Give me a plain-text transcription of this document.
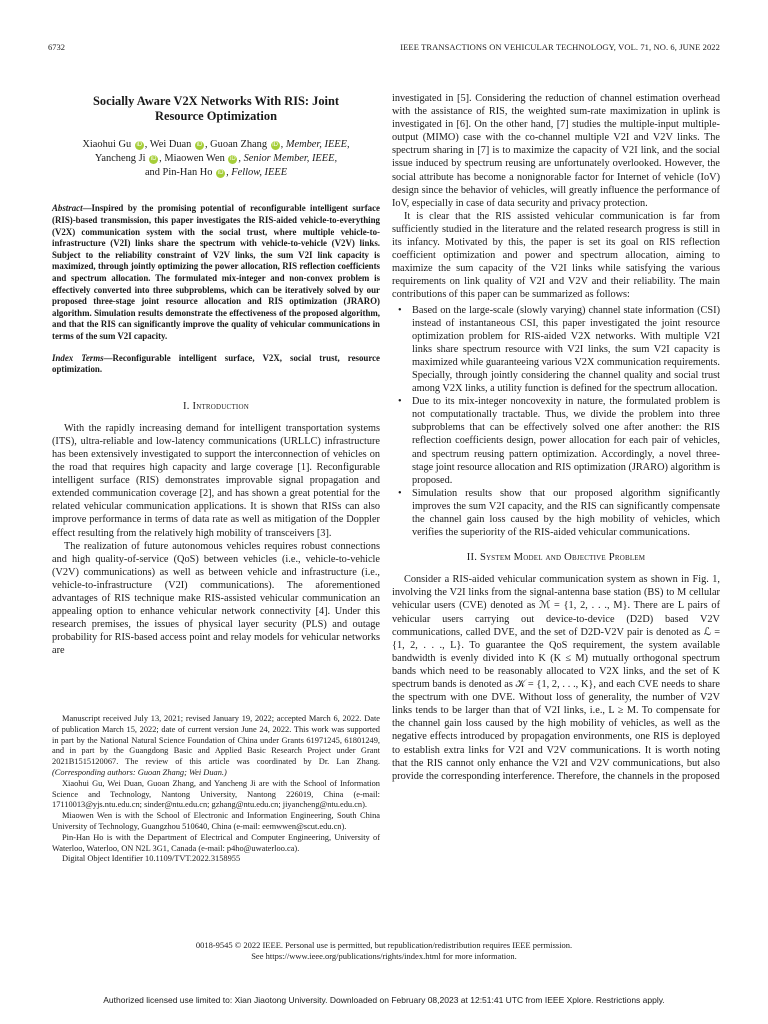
6732	IEEE TRANSACTIONS ON VEHICULAR TECHNOLOGY, VOL. 71, NO. 6, JUNE 2022
Socially Aware V2X Networks With RIS: Joint
Resource Optimization
Xiaohui Gu iD , Wei Duan iD , Guoan Zhang iD , Member, IEEE,
Yancheng Ji iD , Miaowen Wen iD , Senior Member, IEEE,
and Pin-Han Ho iD , Fellow, IEEE
Abstract—Inspired by the promising potential of reconfigurable intelligent surface (RIS)-based transmission, this paper investigates the RIS-aided vehicle-to-everything (V2X) communication system with the social trust, where multiple vehicle-to-infrastructure (V2I) links share the spectrum with vehicle-to-vehicle (V2V) links. Subject to the reliability constraint of V2V links, the sum V2I link capacity is maximized, through jointly optimizing the power allocation, RIS reflection coefficients and spectrum allocation. The formulated mix-integer and non-convex problem is effectively converted into three subproblems, which can be iteratively solved by our proposed three-stage joint resource allocation and RIS optimization (JRARO) algorithm. Simulation results demonstrate the effectiveness of the proposed algorithm, and that the RIS can significantly improve the quality of vehicular communications in terms of the sum V2I capacity.
Index Terms—Reconfigurable intelligent surface, V2X, social trust, resource optimization.
I. Introduction

With the rapidly increasing demand for intelligent transportation systems (ITS), ultra-reliable and low-latency communications (URLLC) infrastructure has been extensively investigated to support the interconnection of vehicles on the road that requires high capacity and large coverage [1]. Reconfigurable intelligent surface (RIS) demonstrates improvable signal propagation and extended communication coverage [2], and has shown a great potential for the related vehicular communication applications. It is shown that RISs can also improve performance in terms of data rate as well as mitigation of the Doppler effect resulting from the relatively high mobility of transceivers [3].

The realization of future autonomous vehicles requires robust connections and high quality-of-service (QoS) between vehicles (i.e., vehicle-to-vehicle (V2V) communications) as well as between vehicle and infrastructure (i.e., vehicle-to-infrastructure (V2I) communications). The aforementioned advantages of RIS technique make RIS-assisted vehicular communication an appealing option to enhance vehicular network connectivity [4]. Under this research premises, the issues of physical layer security (PLS) and outage probability for RIS-based access point and relay models for vehicular networks are

Manuscript received July 13, 2021; revised January 19, 2022; accepted March 6, 2022. Date of publication March 15, 2022; date of current version June 24, 2022. This work was supported in part by the National Natural Science Foundation of China under Grants 61971245, 61801249, and in part by the Guangdong Basic and Applied Basic Research Project under Grant 2021B1515120067. The review of this article was coordinated by Dr. Lan Zhang. (Corresponding authors: Guoan Zhang; Wei Duan.)

Xiaohui Gu, Wei Duan, Guoan Zhang, and Yancheng Ji are with the School of Information Science and Technology, Nantong University, Nantong 226019, China (e-mail: 17110013@yjs.ntu.edu.cn; sinder@ntu.edu.cn; gzhang@ntu.edu.cn; jiyancheng@ntu.edu.cn).

Miaowen Wen is with the School of Electronic and Information Engineering, South China University of Technology, Guangzhou 510640, China (e-mail: eemwwen@scut.edu.cn).

Pin-Han Ho is with the Department of Electrical and Computer Engineering, University of Waterloo, Waterloo, ON N2L 3G1, Canada (e-mail: p4ho@uwaterloo.ca).

Digital Object Identifier 10.1109/TVT.2022.3158955

investigated in [5]. Considering the reduction of channel estimation overhead with the assistance of RIS, the weighted sum-rate maximization in uplink is investigated in [6]. On the other hand, [7] studies the multiple-input multiple-output (MIMO) case with the co-channel multiple V2I and V2V links. The spectrum sharing in [7] is to maximize the capacity of V2I link, and the social issue induced by spectrum reusing are unfortunately overlooked. However, the social attribute has become a nonignorable factor for Internet of vehicle (IoV) design since the behavior of vehicles, will greatly influence the performance of IoV, especially in case of data security and privacy protection.

It is clear that the RIS assisted vehicular communication is far from sufficiently studied in the literature and the related research progress is still in its infancy. Motivated by this, the paper is set its goal on RIS reflection coefficient optimization and power and spectrum allocation, aiming to maximize the sum capacity of the V2I links while satisfying the various requirements on link quality of V2I and V2V and their reliability. The main contributions of this paper can be summarized as follows:

• Based on the large-scale (slowly varying) channel state information (CSI) instead of instantaneous CSI, this paper investigated the joint resource optimization problem for RIS-aided V2X networks. With multiple V2I links share spectrum resource with V2I links, the sum V2I capacity is maximized while guaranteeing various V2X communication requirements. Specially, through jointly considering the channel quality and social trust among V2X links, a utility function is defined for the spectrum allocation.
• Due to its mix-integer noncovexity in nature, the formulated problem is not computationally tractable. Thus, we divide the problem into three subproblems that can be effectively solved one after another: the RIS reflection coefficients design, power allocation for each pair of vehicles, and spectrum reusing pattern optimization. Accordingly, a novel three-stage joint resource allocation and RIS optimization (JRARO) algorithm is proposed.
• Simulation results show that our proposed algorithm significantly improves the sum V2I capacity, and the RIS can significantly compensate the channel gain loss caused by the high mobility of vehicles, which verifies the superiority of the RIS-aided vehicular communications.
II. System Model and Objective Problem

Consider a RIS-aided vehicular communication system as shown in Fig. 1, involving the V2I links from the signal-antenna base station (BS) to M cellular vehicular users (CVE) denoted as ℳ = {1, 2, . . ., M}. There are L pairs of vehicular users carrying out device-to-device (D2D) based V2V communications, called DVE, and the set of D2D-V2V pair is denoted as ℒ = {1, 2, . . ., L}. To guarantee the QoS requirement, the system available bandwidth is evenly divided into K (K ≤ M) mutually orthogonal spectrum bands which need to be reasonably allocated to V2X links, and the set of K spectrum bands is denoted as 𝒦 = {1, 2, . . ., K}, and each CVE needs to share the spectrum with one DVE. Without loss of generality, the number of V2V links tends to be larger than that of V2I links, i.e., L ≥ M. To compensate for the channel gain loss caused by the high mobility of vehicles, as well as the negative effects introduced by propagation environments, one RIS is deployed to establish extra links for V2I and V2V communications. It is worth noting that the RIS cannot only enhance the V2I and V2V communications, but also provide the corresponding interference. Therefore, the channels in the proposed

0018-9545 © 2022 IEEE. Personal use is permitted, but republication/redistribution requires IEEE permission.
See https://www.ieee.org/publications/rights/index.html for more information.
Authorized licensed use limited to: Xian Jiaotong University. Downloaded on February 08,2023 at 12:51:41 UTC from IEEE Xplore. Restrictions apply.
